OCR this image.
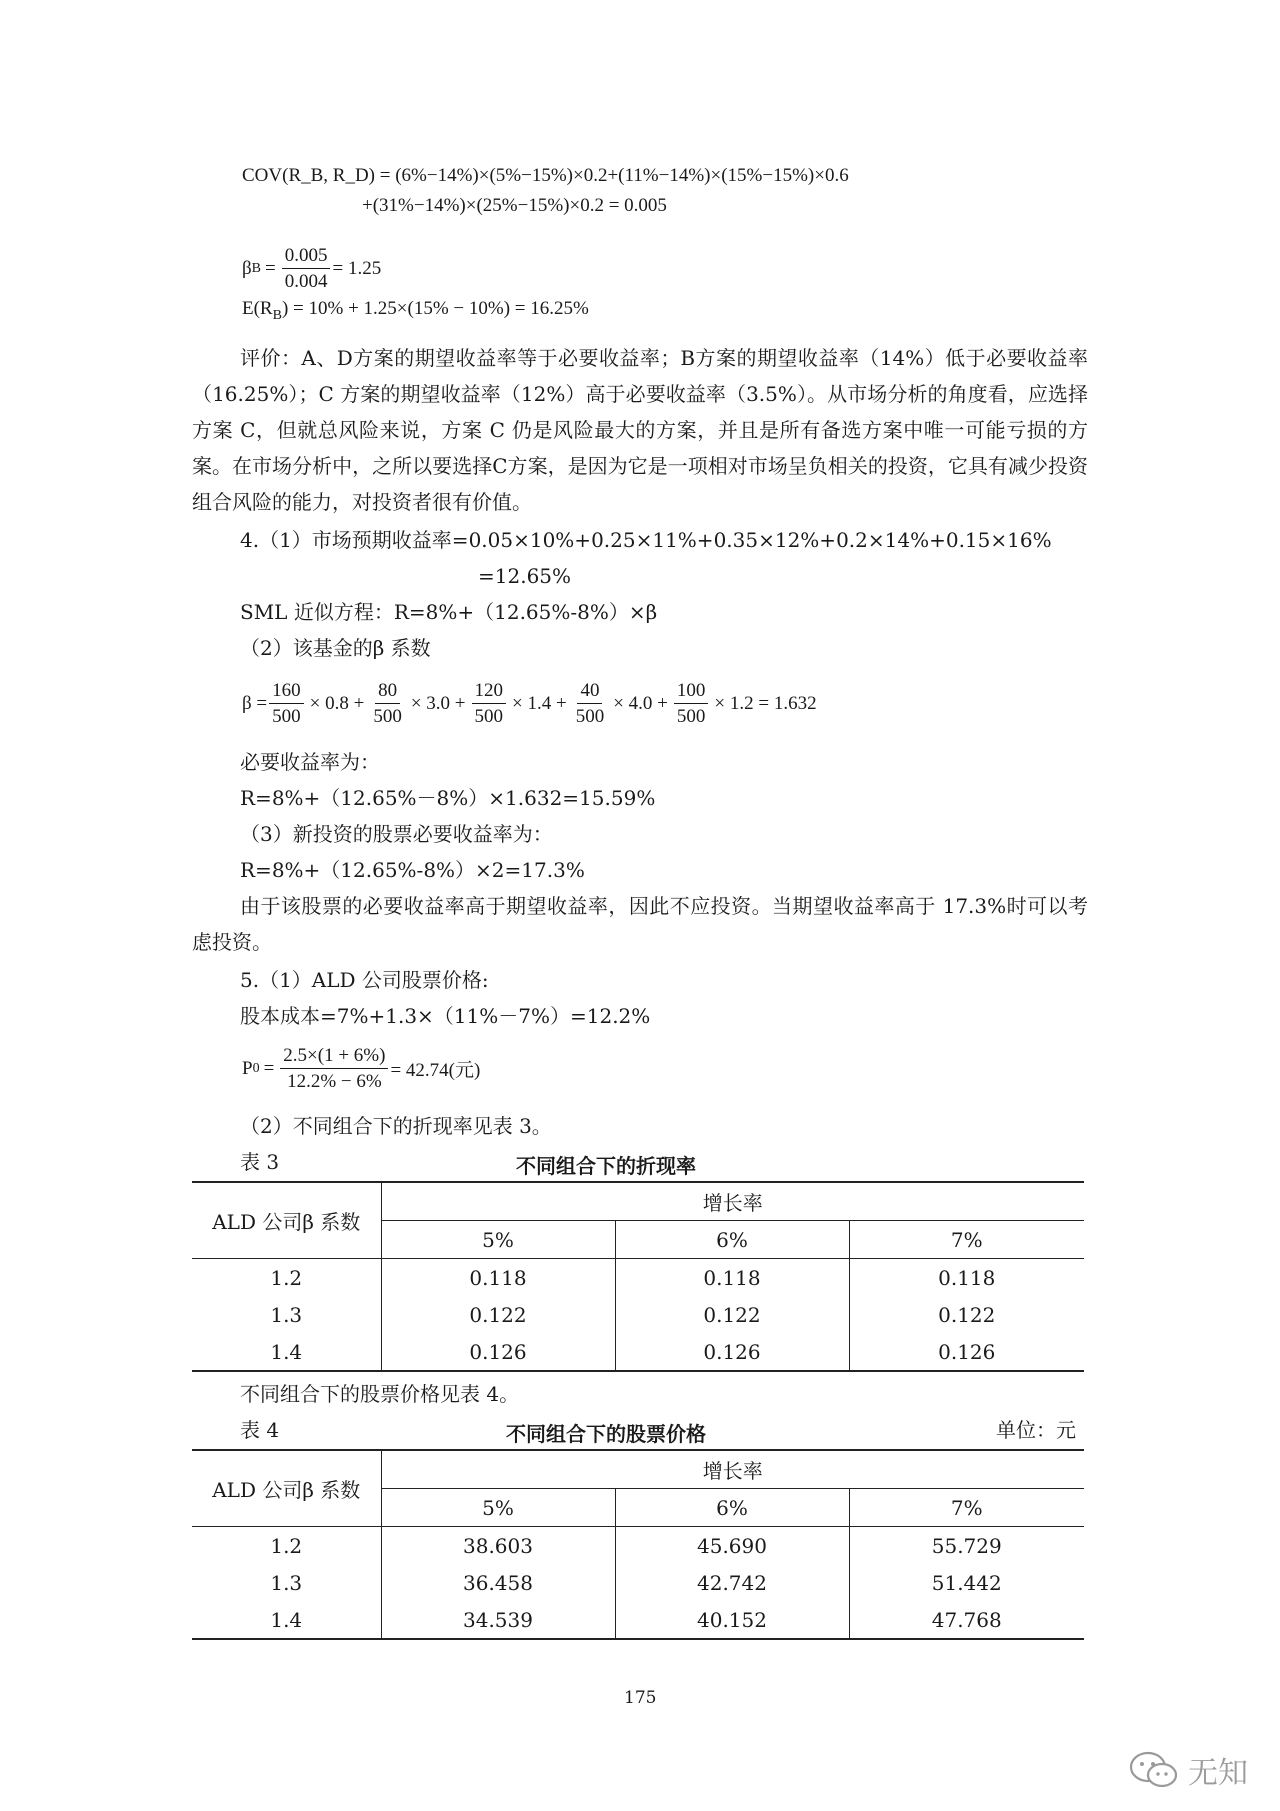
COV(R_B, R_D) = (6%−14%)×(5%−15%)×0.2+(11%−14%)×(15%−15%)×0.6
+(31%−14%)×(25%−15%)×0.2 = 0.005
β $B = \frac{0.005}{0.004} = 1.25$
$E(R_B) = 10\% + 1.25\times(15\% - 10\%) = 16.25\%$

评价：A、D方案的期望收益率等于必要收益率；B方案的期望收益率（14%）低于必要收益率（16.25%）；C 方案的期望收益率（12%）高于必要收益率（3.5%）。从市场分析的角度看，应选择方案 C，但就总风险来说，方案 C 仍是风险最大的方案，并且是所有备选方案中唯一可能亏损的方案。在市场分析中，之所以要选择C方案，是因为它是一项相对市场呈负相关的投资，它具有减少投资组合风险的能力，对投资者很有价值。

4.（1）市场预期收益率=0.05×10%+0.25×11%+0.35×12%+0.2×14%+0.15×16%
=12.65%
SML 近似方程：R=8%+（12.65%-8%）×β
（2）该基金的β 系数
$\beta = \frac{160}{500} \times 0.8 + \frac{80}{500} \times 3.0 + \frac{120}{500} \times 1.4 + \frac{40}{500} \times 4.0 + \frac{100}{500} \times 1.2 = 1.632$
必要收益率为：
R=8%+（12.65%－8%）×1.632=15.59%
（3）新投资的股票必要收益率为：
R=8%+（12.65%-8%）×2=17.3%

由于该股票的必要收益率高于期望收益率，因此不应投资。当期望收益率高于 17.3%时可以考虑投资。

5.（1）ALD 公司股票价格:
股本成本=7%+1.3×（11%－7%）=12.2%
P $0 = \frac{2.5\times(1 + 6\%)}{12.2\% - 6\%} = 42.74$(元)
（2）不同组合下的折现率见表 3。
表 3	不同组合下的折现率
ALD 公司β 系数	增长率		
	5%	6%	7%
1.2	0.118	0.118	0.118
1.3	0.122	0.122	0.122
1.4	0.126	0.126	0.126
不同组合下的股票价格见表 4。
表 4	不同组合下的股票价格	单位：元
ALD 公司β 系数	增长率		
	5%	6%	7%
1.2	38.603	45.690	55.729
1.3	36.458	42.742	51.442
1.4	34.539	40.152	47.768
175
无知
